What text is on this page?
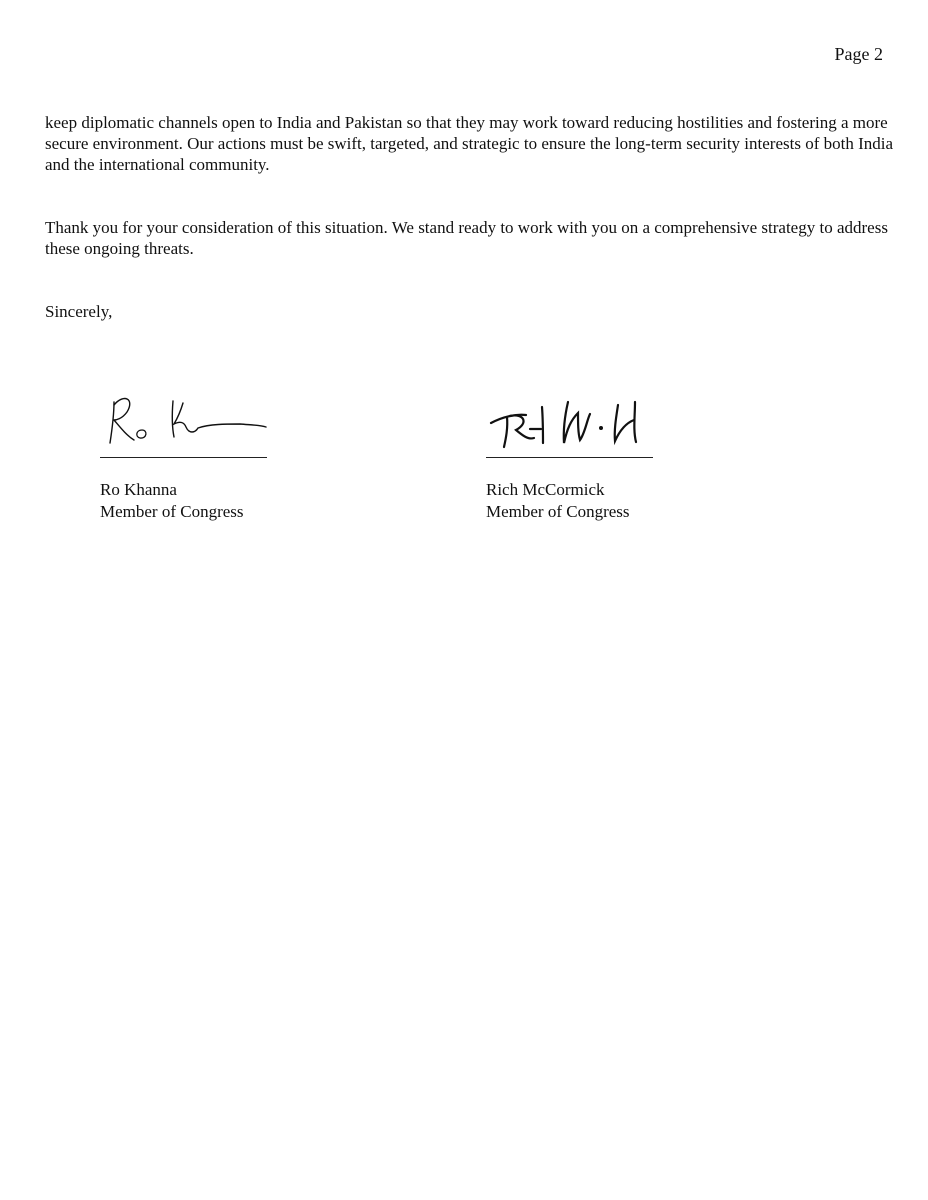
Page 2

keep diplomatic channels open to India and Pakistan so that they may work toward reducing hostilities and fostering a more secure environment. Our actions must be swift, targeted, and strategic to ensure the long-term security interests of both India and the international community.

Thank you for your consideration of this situation. We stand ready to work with you on a comprehensive strategy to address these ongoing threats.

Sincerely,

Ro Khanna
Member of Congress
Rich McCormick
Member of Congress
